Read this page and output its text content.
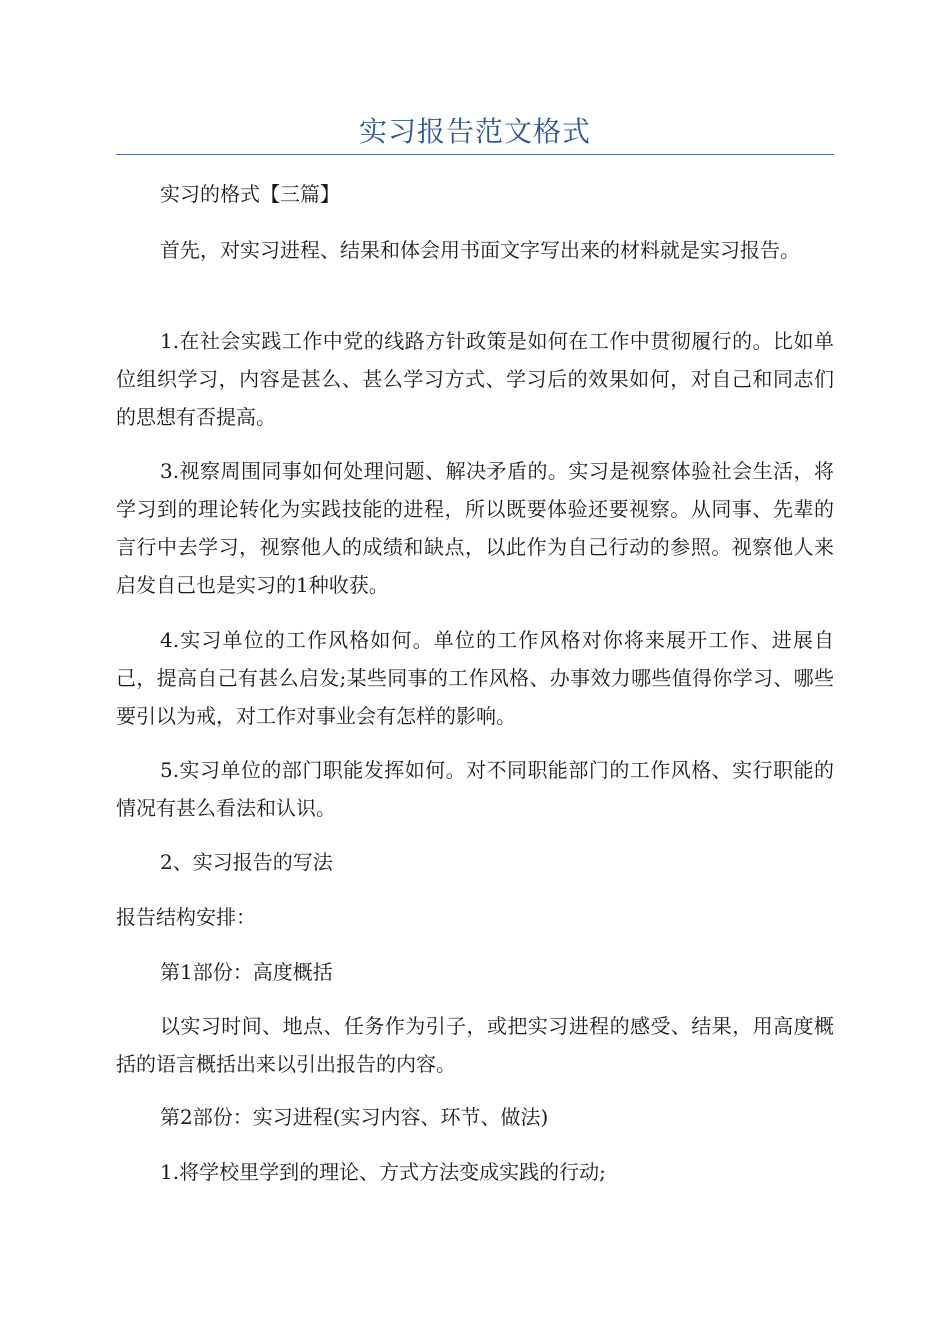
实习报告范文格式

实习的格式【三篇】

首先，对实习进程、结果和体会用书面文字写出来的材料就是实习报告。

1.在社会实践工作中党的线路方针政策是如何在工作中贯彻履行的。比如单位组织学习，内容是甚么、甚么学习方式、学习后的效果如何，对自己和同志们的思想有否提高。

3.视察周围同事如何处理问题、解决矛盾的。实习是视察体验社会生活，将学习到的理论转化为实践技能的进程，所以既要体验还要视察。从同事、先辈的言行中去学习，视察他人的成绩和缺点，以此作为自己行动的参照。视察他人来启发自己也是实习的1种收获。

4.实习单位的工作风格如何。单位的工作风格对你将来展开工作、进展自己，提高自己有甚么启发;某些同事的工作风格、办事效力哪些值得你学习、哪些要引以为戒，对工作对事业会有怎样的影响。

5.实习单位的部门职能发挥如何。对不同职能部门的工作风格、实行职能的情况有甚么看法和认识。

2、实习报告的写法

报告结构安排：

第1部份：高度概括

以实习时间、地点、任务作为引子，或把实习进程的感受、结果，用高度概括的语言概括出来以引出报告的内容。

第2部份：实习进程(实习内容、环节、做法)

1.将学校里学到的理论、方式方法变成实践的行动;
